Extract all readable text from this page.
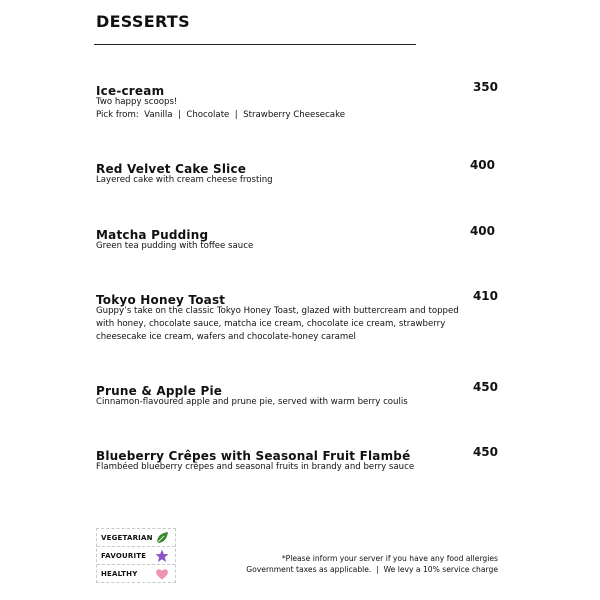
DESSERTS
Ice-cream	350
Two happy scoops!
Pick from:  Vanilla  |  Chocolate  |  Strawberry Cheesecake
Red Velvet Cake Slice	400
Layered cake with cream cheese frosting
Matcha Pudding	400
Green tea pudding with toffee sauce
Tokyo Honey Toast	410
Guppy’s take on the classic Tokyo Honey Toast, glazed with buttercream and topped
with honey, chocolate sauce, matcha ice cream, chocolate ice cream, strawberry
cheesecake ice cream, wafers and chocolate-honey caramel
Prune & Apple Pie	450
Cinnamon-flavoured apple and prune pie, served with warm berry coulis
Blueberry Crêpes with Seasonal Fruit Flambé	450
Flambéed blueberry crêpes and seasonal fruits in brandy and berry sauce
VEGETARIAN
FAVOURITE
HEALTHY
*Please inform your server if you have any food allergies
Government taxes as applicable.  |  We levy a 10% service charge
